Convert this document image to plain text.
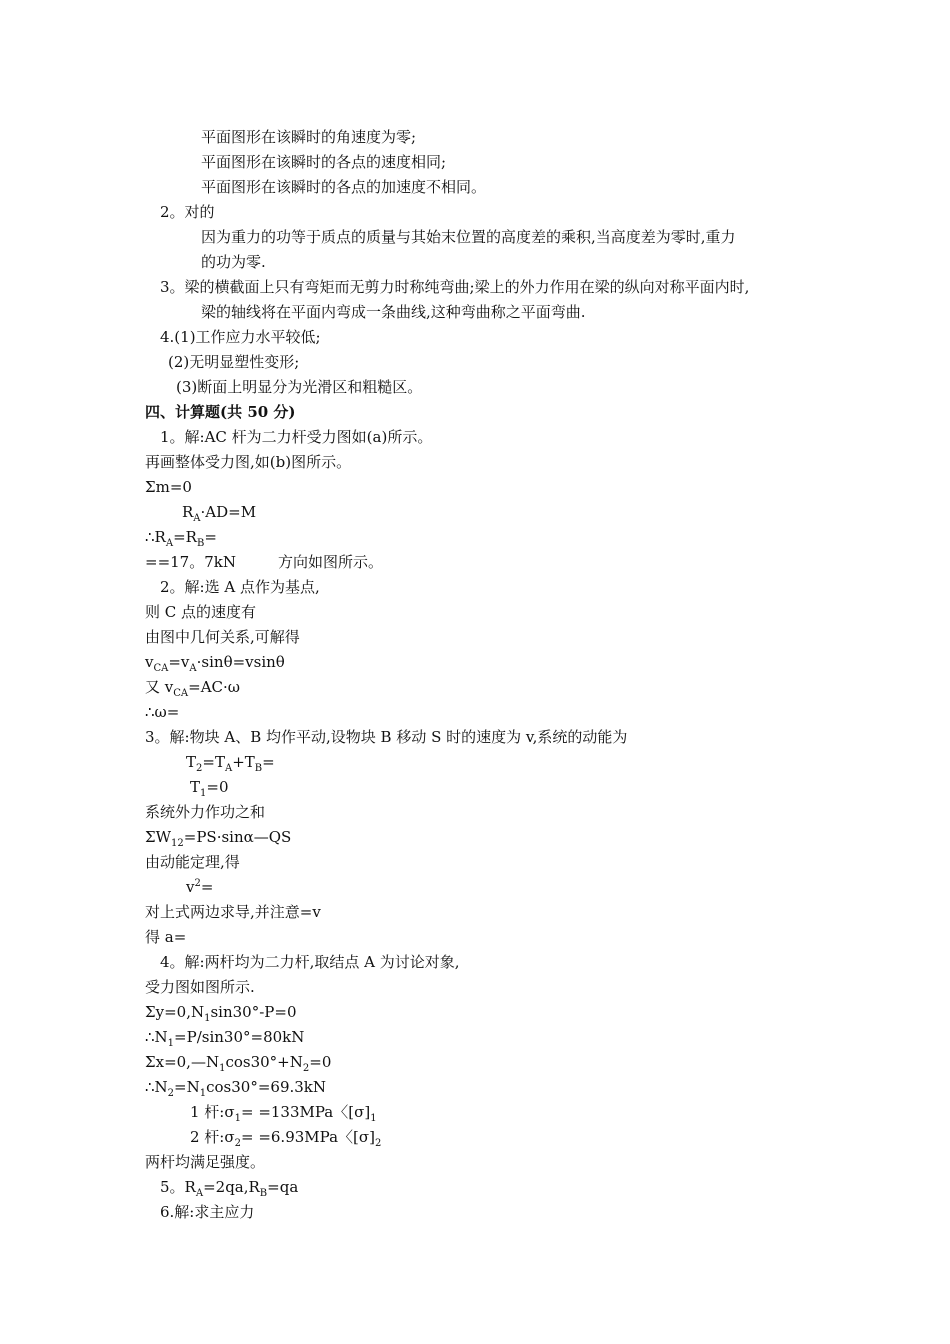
平面图形在该瞬时的角速度为零;
平面图形在该瞬时的各点的速度相同;
平面图形在该瞬时的各点的加速度不相同。
2。对的
因为重力的功等于质点的质量与其始末位置的高度差的乘积,当高度差为零时,重力
的功为零.
3。梁的横截面上只有弯矩而无剪力时称纯弯曲;梁上的外力作用在梁的纵向对称平面内时,
梁的轴线将在平面内弯成一条曲线,这种弯曲称之平面弯曲.
4.(1)工作应力水平较低;
(2)无明显塑性变形;
(3)断面上明显分为光滑区和粗糙区。
四、计算题(共 50 分)
1。解:AC 杆为二力杆受力图如(a)所示。
再画整体受力图,如(b)图所示。
Σm=0
$R_A\cdot AD=M$
$\therefore R_A=R_B=$
==17。7kN	方向如图所示。
2。解:选 A 点作为基点,
则 C 点的速度有
由图中几何关系,可解得
$v_{CA}=v_A\cdot\sin\theta=vsin\theta$
又 $v_{CA}=AC\cdot\omega$
∴ω=
3。解:物块 A、B 均作平动,设物块 B 移动 S 时的速度为 v,系统的动能为
$T_2=T_A+T_B=$
$T_1=0$
系统外力作功之和
$\Sigma W_{12}=PS\cdot\sin\alpha—QS$
由动能定理,得
$v^2=$
对上式两边求导,并注意=v
得 a=
4。解:两杆均为二力杆,取结点 A 为讨论对象,
受力图如图所示.
$\Sigma y=0,N_1\sin 30^\circ-P=0$
$\therefore N_1=P/\sin 30^\circ=80kN$
$\Sigma x=0,—N_1\cos 30^\circ+N_2=0$
$\therefore N_2=N_1\cos 30^\circ=69.3kN$
1 杆$:\sigma_1= =133MPa$〈$[\sigma]_1$
2 杆$:\sigma_2= =6.93MPa$〈$[\sigma]_2$
两杆均满足强度。
5。$R_A=2qa,R_B=qa$
6.解:求主应力
